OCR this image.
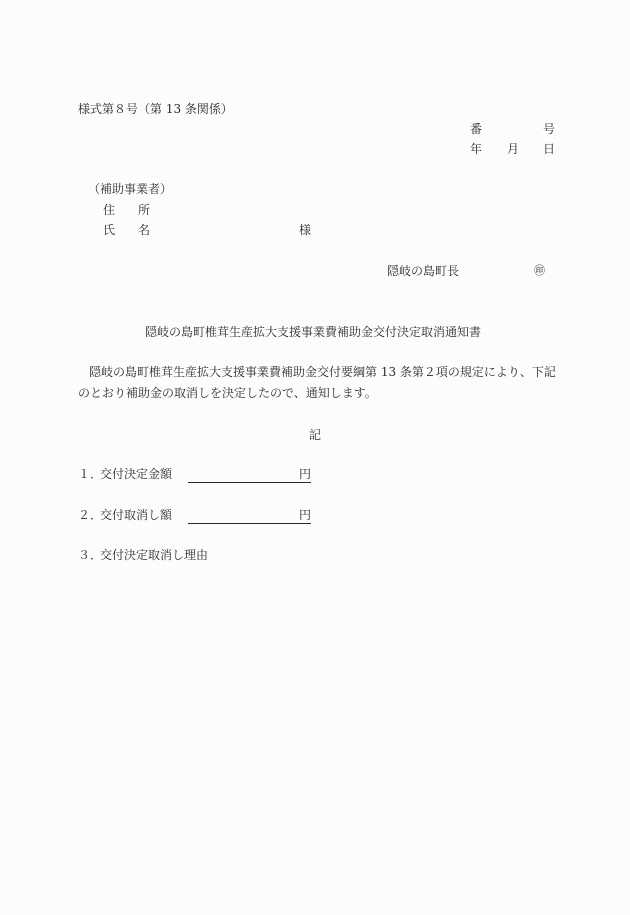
様式第８号（第 13 条関係）
番	号
年 月 日
（補助事業者）
住 所
氏 名	様
隠岐の島町長	㊞
隠岐の島町椎茸生産拡大支援事業費補助金交付決定取消通知書
隠岐の島町椎茸生産拡大支援事業費補助金交付要綱第 13 条第２項の規定により、下記
のとおり補助金の取消しを決定したので、通知します。
記
１．交付決定金額	円
２．交付取消し額	円
３．交付決定取消し理由
